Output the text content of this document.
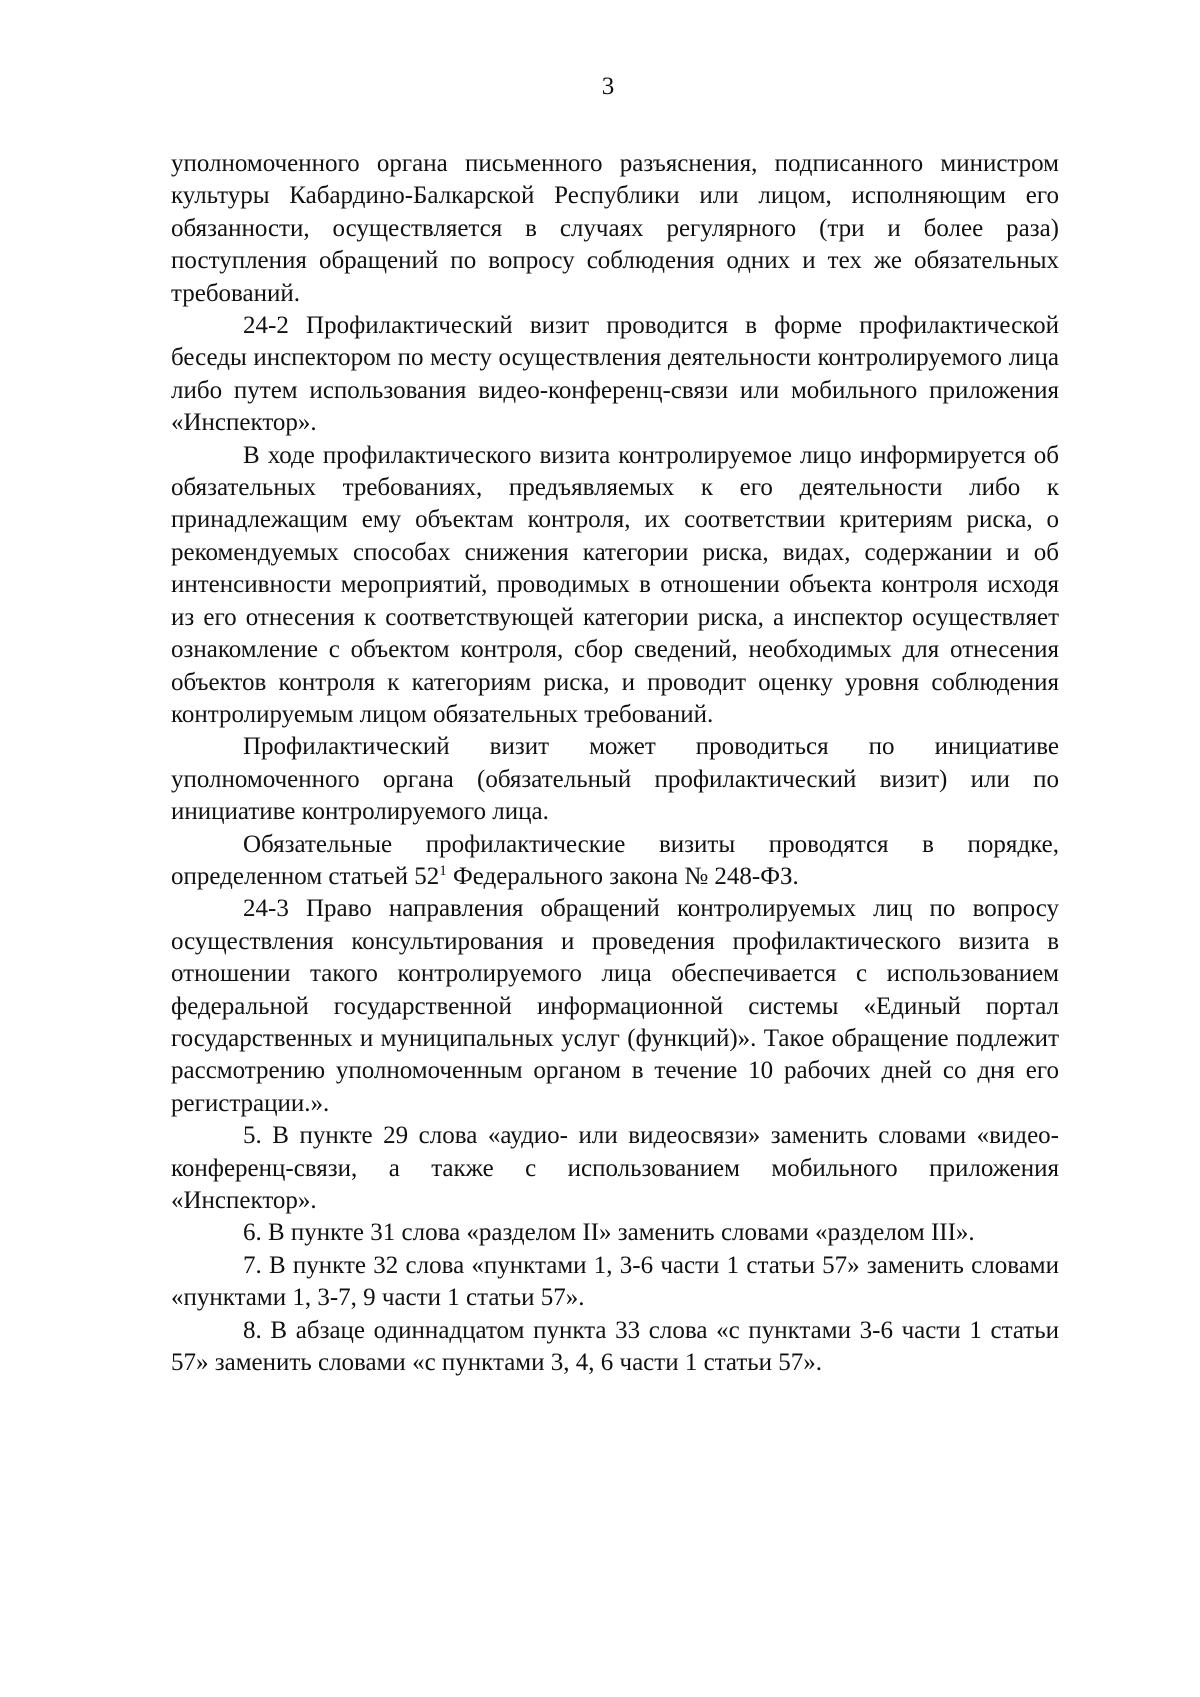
3

уполномоченного органа письменного разъяснения, подписанного министром культуры Кабардино-Балкарской Республики или лицом, исполняющим его обязанности, осуществляется в случаях регулярного (три и более раза) поступления обращений по вопросу соблюдения одних и тех же обязательных требований.

24-2 Профилактический визит проводится в форме профилактической беседы инспектором по месту осуществления деятельности контролируемого лица либо путем использования видео-конференц-связи или мобильного приложения «Инспектор».

В ходе профилактического визита контролируемое лицо информируется об обязательных требованиях, предъявляемых к его деятельности либо к принадлежащим ему объектам контроля, их соответствии критериям риска, о рекомендуемых способах снижения категории риска, видах, содержании и об интенсивности мероприятий, проводимых в отношении объекта контроля исходя из его отнесения к соответствующей категории риска, а инспектор осуществляет ознакомление с объектом контроля, сбор сведений, необходимых для отнесения объектов контроля к категориям риска, и проводит оценку уровня соблюдения контролируемым лицом обязательных требований.

Профилактический визит может проводиться по инициативе уполномоченного органа (обязательный профилактический визит) или по инициативе контролируемого лица.

Обязательные профилактические визиты проводятся в порядке, определенном статьей $52^1$ Федерального закона № 248-ФЗ.

24-3 Право направления обращений контролируемых лиц по вопросу осуществления консультирования и проведения профилактического визита в отношении такого контролируемого лица обеспечивается с использованием федеральной государственной информационной системы «Единый портал государственных и муниципальных услуг (функций)». Такое обращение подлежит рассмотрению уполномоченным органом в течение 10 рабочих дней со дня его регистрации.».

5. В пункте 29 слова «аудио- или видеосвязи» заменить словами «видео-конференц-связи, а также с использованием мобильного приложения «Инспектор».

6. В пункте 31 слова «разделом II» заменить словами «разделом III».

7. В пункте 32 слова «пунктами 1, 3-6 части 1 статьи 57» заменить словами «пунктами 1, 3-7, 9 части 1 статьи 57».

8. В абзаце одиннадцатом пункта 33 слова «с пунктами 3-6 части 1 статьи 57» заменить словами «с пунктами 3, 4, 6 части 1 статьи 57».
